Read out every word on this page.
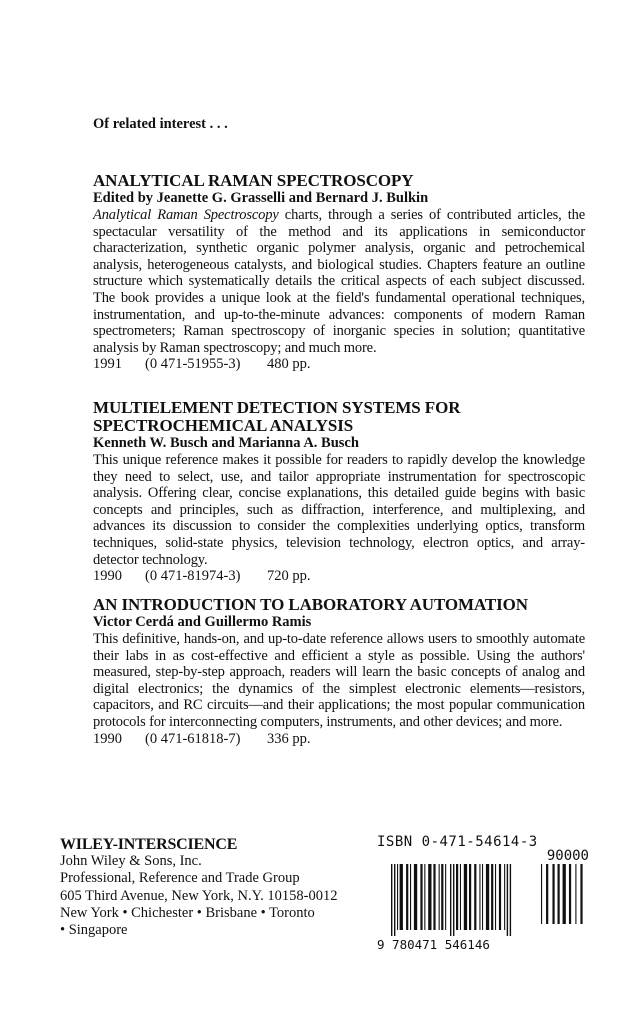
Of related interest . . .
ANALYTICAL RAMAN SPECTROSCOPY
Edited by Jeanette G. Grasselli and Bernard J. Bulkin
Analytical Raman Spectroscopy charts, through a series of contributed articles, the spectacular versatility of the method and its applications in semiconductor characterization, synthetic organic polymer analysis, organic and petrochemical analysis, heterogeneous catalysts, and biological studies. Chapters feature an outline structure which systematically details the critical aspects of each subject discussed. The book provides a unique look at the field's fundamental operational techniques, instrumentation, and up-to-the-minute advances: components of modern Raman spectrometers; Raman spectroscopy of inorganic species in solution; quantitative analysis by Raman spectroscopy; and much more.
1991	(0 471-51955-3)	480 pp.
MULTIELEMENT DETECTION SYSTEMS FOR
SPECTROCHEMICAL ANALYSIS
Kenneth W. Busch and Marianna A. Busch
This unique reference makes it possible for readers to rapidly develop the knowledge they need to select, use, and tailor appropriate instrumentation for spectroscopic analysis. Offering clear, concise explanations, this detailed guide begins with basic concepts and principles, such as diffraction, interference, and multiplexing, and advances its discussion to consider the complexities underlying optics, transform techniques, solid-state physics, television technology, electron optics, and array-detector technology.
1990	(0 471-81974-3)	720 pp.
AN INTRODUCTION TO LABORATORY AUTOMATION
Victor Cerdá and Guillermo Ramis
This definitive, hands-on, and up-to-date reference allows users to smoothly automate their labs in as cost-effective and efficient a style as possible. Using the authors' measured, step-by-step approach, readers will learn the basic concepts of analog and digital electronics; the dynamics of the simplest electronic elements—resistors, capacitors, and RC circuits—and their applications; the most popular communication protocols for interconnecting computers, instruments, and other devices; and more.
1990	(0 471-61818-7)	336 pp.
WILEY-INTERSCIENCE
John Wiley & Sons, Inc.
Professional, Reference and Trade Group
605 Third Avenue, New York, N.Y. 10158-0012
New York • Chichester • Brisbane • Toronto
• Singapore
ISBN 0-471-54614-3
90000
9 780471 546146
